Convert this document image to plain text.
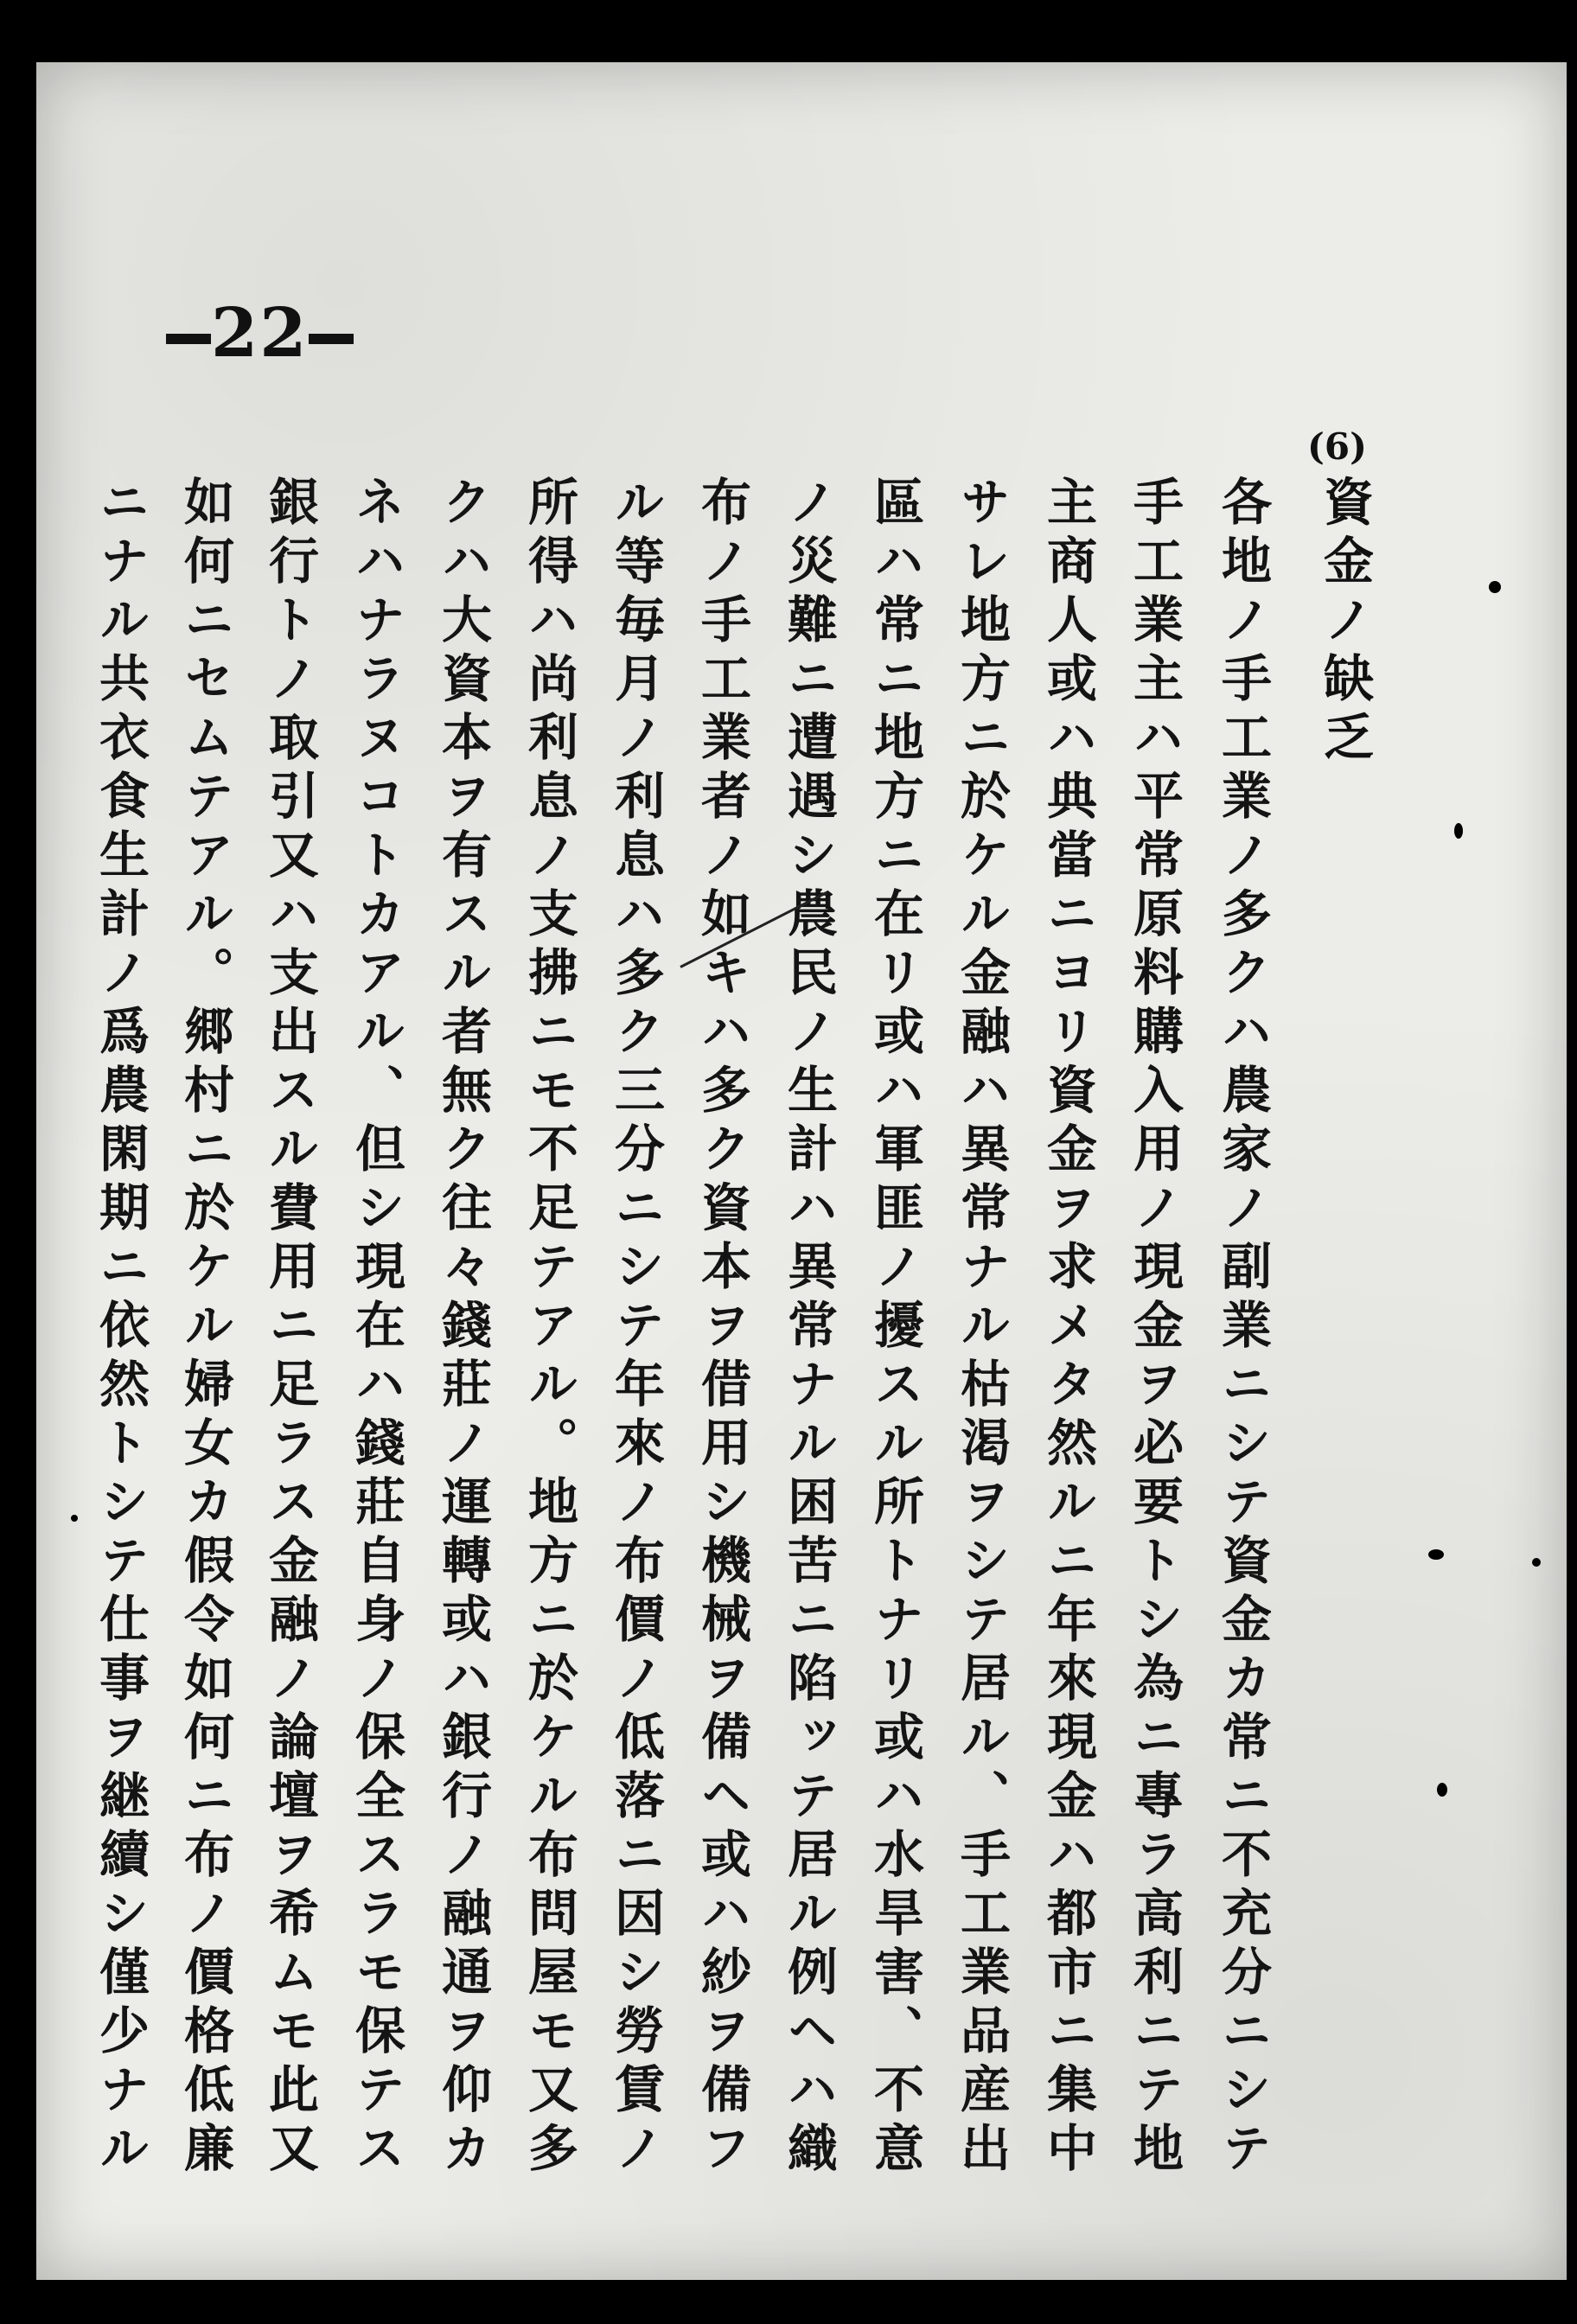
22
(6)
資金ノ缺乏
各地ノ手工業ノ多クハ農家ノ副業ニシテ資金カ常ニ不充分ニシテ
手工業主ハ平常原料購入用ノ現金ヲ必要トシ為ニ專ラ高利ニテ地
主商人或ハ典當ニヨリ資金ヲ求メタ然ルニ年來現金ハ都市ニ集中
サレ地方ニ於ケル金融ハ異常ナル枯渇ヲシテ居ル、手工業品産出
區ハ常ニ地方ニ在リ或ハ軍匪ノ擾スル所トナリ或ハ水旱害、不意
ノ災難ニ遭遇シ農民ノ生計ハ異常ナル困苦ニ陷ッテ居ル例ヘハ織
布ノ手工業者ノ如キハ多ク資本ヲ借用シ機械ヲ備ヘ或ハ紗ヲ備フ
ル等毎月ノ利息ハ多ク三分ニシテ年來ノ布價ノ低落ニ因シ勞賃ノ
所得ハ尚利息ノ支拂ニモ不足テアル。地方ニ於ケル布問屋モ又多
クハ大資本ヲ有スル者無ク往々錢莊ノ運轉或ハ銀行ノ融通ヲ仰カ
ネハナラヌコトカアル、但シ現在ハ錢莊自身ノ保全スラモ保テス
銀行トノ取引又ハ支出スル費用ニ足ラス金融ノ論壇ヲ希ムモ此又
如何ニセムテアル。郷村ニ於ケル婦女カ假令如何ニ布ノ價格低廉
ニナル共衣食生計ノ爲農閑期ニ依然トシテ仕事ヲ継續シ僅少ナル
